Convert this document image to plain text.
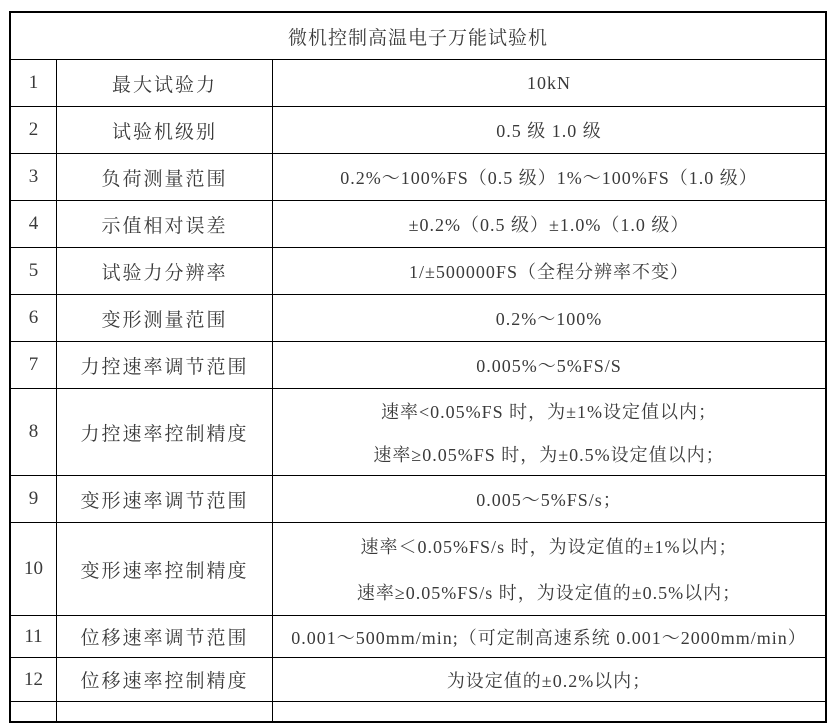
微机控制高温电子万能试验机
1	最大试验力	10kN
2	试验机级别	0.5 级 1.0 级
3	负荷测量范围	0.2%～100%FS（0.5 级）1%～100%FS（1.0 级）
4	示值相对误差	±0.2%（0.5 级）±1.0%（1.0 级）
5	试验力分辨率	1/±500000FS（全程分辨率不变）
6	变形测量范围	0.2%～100%
7	力控速率调节范围	0.005%～5%FS/S
8	力控速率控制精度
速率<0.05%FS 时，为±1%设定值以内；
速率≥0.05%FS 时，为±0.5%设定值以内；
9	变形速率调节范围	0.005～5%FS/s；
10	变形速率控制精度
速率＜0.05%FS/s 时，为设定值的±1%以内；
速率≥0.05%FS/s 时，为设定值的±0.5%以内；
11	位移速率调节范围	0.001～500mm/min;（可定制高速系统 0.001～2000mm/min）
12	位移速率控制精度	为设定值的±0.2%以内；
